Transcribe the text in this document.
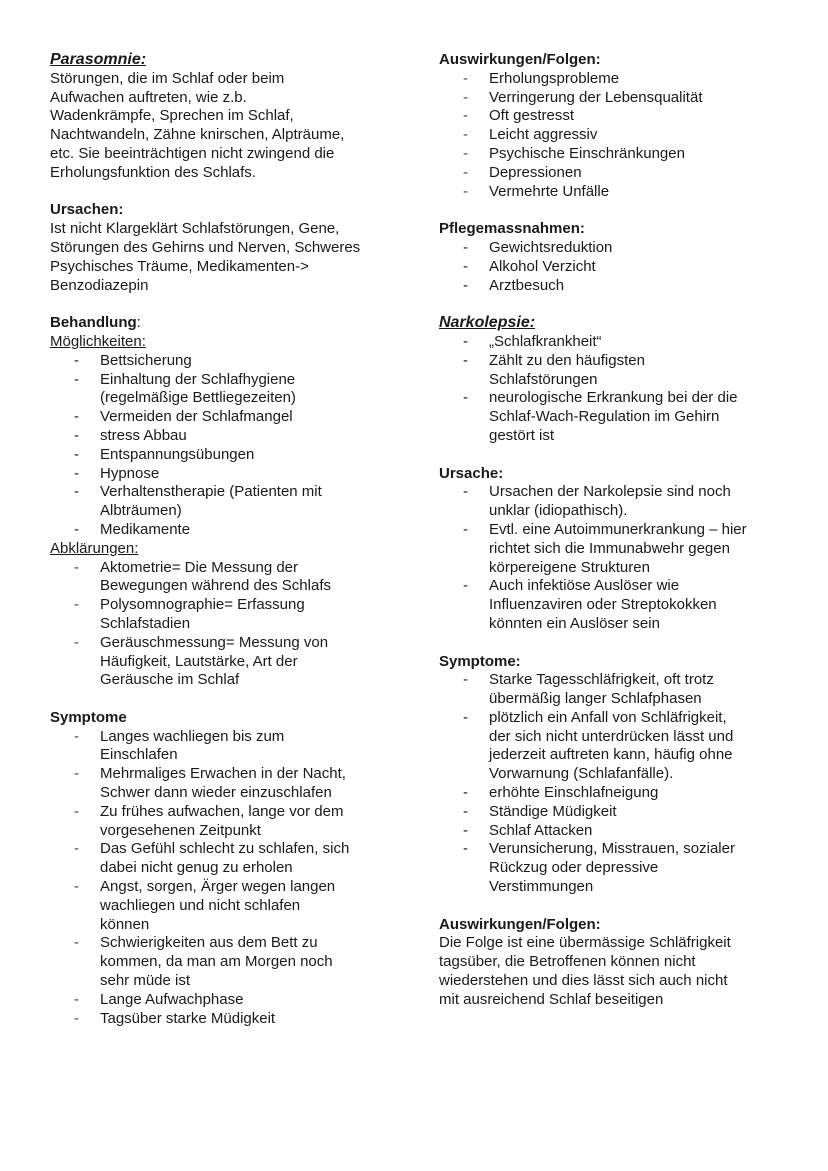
Parasomnie:
Störungen, die im Schlaf oder beim
Aufwachen auftreten, wie z.b.
Wadenkrämpfe, Sprechen im Schlaf,
Nachtwandeln, Zähne knirschen, Alpträume,
etc. Sie beeinträchtigen nicht zwingend die
Erholungsfunktion des Schlafs.
Ursachen:
Ist nicht Klargeklärt Schlafstörungen, Gene,
Störungen des Gehirns und Nerven, Schweres
Psychisches Träume, Medikamenten->
Benzodiazepin
Behandlung:
Möglichkeiten:
- Bettsicherung
- Einhaltung der Schlafhygiene
(regelmäßige Bettliegezeiten)
- Vermeiden der Schlafmangel
- stress Abbau
- Entspannungsübungen
- Hypnose
- Verhaltenstherapie (Patienten mit
Albträumen)
- Medikamente
Abklärungen:
- Aktometrie= Die Messung der
Bewegungen während des Schlafs
- Polysomnographie= Erfassung
Schlafstadien
- Geräuschmessung= Messung von
Häufigkeit, Lautstärke, Art der
Geräusche im Schlaf
Symptome
- Langes wachliegen bis zum
Einschlafen
- Mehrmaliges Erwachen in der Nacht,
Schwer dann wieder einzuschlafen
- Zu frühes aufwachen, lange vor dem
vorgesehenen Zeitpunkt
- Das Gefühl schlecht zu schlafen, sich
dabei nicht genug zu erholen
- Angst, sorgen, Ärger wegen langen
wachliegen und nicht schlafen
können
- Schwierigkeiten aus dem Bett zu
kommen, da man am Morgen noch
sehr müde ist
- Lange Aufwachphase
- Tagsüber starke Müdigkeit
Auswirkungen/Folgen:
- Erholungsprobleme
- Verringerung der Lebensqualität
- Oft gestresst
- Leicht aggressiv
- Psychische Einschränkungen
- Depressionen
- Vermehrte Unfälle
Pflegemassnahmen:
- Gewichtsreduktion
- Alkohol Verzicht
- Arztbesuch
Narkolepsie:
- „Schlafkrankheit“
- Zählt zu den häufigsten
Schlafstörungen
- neurologische Erkrankung bei der die
Schlaf-Wach-Regulation im Gehirn
gestört ist
Ursache:
- Ursachen der Narkolepsie sind noch
unklar (idiopathisch).
- Evtl. eine Autoimmunerkrankung – hier
richtet sich die Immunabwehr gegen
körpereigene Strukturen
- Auch infektiöse Auslöser wie
Influenzaviren oder Streptokokken
könnten ein Auslöser sein
Symptome:
- Starke Tagesschläfrigkeit, oft trotz
übermäßig langer Schlafphasen
- plötzlich ein Anfall von Schläfrigkeit,
der sich nicht unterdrücken lässt und
jederzeit auftreten kann, häufig ohne
Vorwarnung (Schlafanfälle).
- erhöhte Einschlafneigung
- Ständige Müdigkeit
- Schlaf Attacken
- Verunsicherung, Misstrauen, sozialer
Rückzug oder depressive
Verstimmungen
Auswirkungen/Folgen:
Die Folge ist eine übermässige Schläfrigkeit
tagsüber, die Betroffenen können nicht
wiederstehen und dies lässt sich auch nicht
mit ausreichend Schlaf beseitigen
